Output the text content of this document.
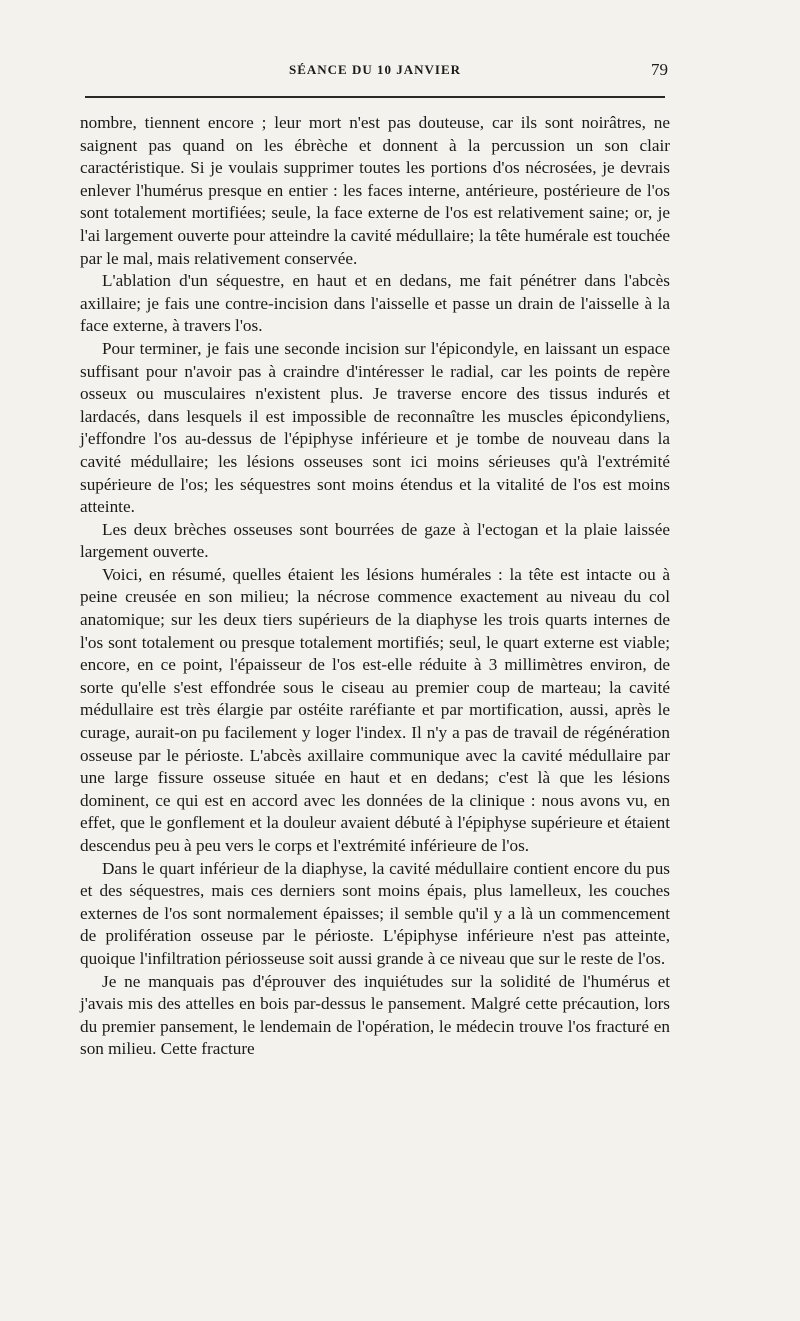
SÉANCE DU 10 JANVIER	79

nombre, tiennent encore ; leur mort n'est pas douteuse, car ils sont noirâtres, ne saignent pas quand on les ébrèche et donnent à la percussion un son clair caractéristique. Si je voulais supprimer toutes les portions d'os nécrosées, je devrais enlever l'humérus presque en entier : les faces interne, antérieure, postérieure de l'os sont totalement mortifiées; seule, la face externe de l'os est relativement saine; or, je l'ai largement ouverte pour atteindre la cavité médullaire; la tête humérale est touchée par le mal, mais relativement conservée.

L'ablation d'un séquestre, en haut et en dedans, me fait pénétrer dans l'abcès axillaire; je fais une contre-incision dans l'aisselle et passe un drain de l'aisselle à la face externe, à travers l'os.

Pour terminer, je fais une seconde incision sur l'épicondyle, en laissant un espace suffisant pour n'avoir pas à craindre d'intéresser le radial, car les points de repère osseux ou musculaires n'existent plus. Je traverse encore des tissus indurés et lardacés, dans lesquels il est impossible de reconnaître les muscles épicondyliens, j'effondre l'os au-dessus de l'épiphyse inférieure et je tombe de nouveau dans la cavité médullaire; les lésions osseuses sont ici moins sérieuses qu'à l'extrémité supérieure de l'os; les séquestres sont moins étendus et la vitalité de l'os est moins atteinte.

Les deux brèches osseuses sont bourrées de gaze à l'ectogan et la plaie laissée largement ouverte.

Voici, en résumé, quelles étaient les lésions humérales : la tête est intacte ou à peine creusée en son milieu; la nécrose commence exactement au niveau du col anatomique; sur les deux tiers supérieurs de la diaphyse les trois quarts internes de l'os sont totalement ou presque totalement mortifiés; seul, le quart externe est viable; encore, en ce point, l'épaisseur de l'os est-elle réduite à 3 millimètres environ, de sorte qu'elle s'est effondrée sous le ciseau au premier coup de marteau; la cavité médullaire est très élargie par ostéite raréfiante et par mortification, aussi, après le curage, aurait-on pu facilement y loger l'index. Il n'y a pas de travail de régénération osseuse par le périoste. L'abcès axillaire communique avec la cavité médullaire par une large fissure osseuse située en haut et en dedans; c'est là que les lésions dominent, ce qui est en accord avec les données de la clinique : nous avons vu, en effet, que le gonflement et la douleur avaient débuté à l'épiphyse supérieure et étaient descendus peu à peu vers le corps et l'extrémité inférieure de l'os.

Dans le quart inférieur de la diaphyse, la cavité médullaire contient encore du pus et des séquestres, mais ces derniers sont moins épais, plus lamelleux, les couches externes de l'os sont normalement épaisses; il semble qu'il y a là un commencement de prolifération osseuse par le périoste. L'épiphyse inférieure n'est pas atteinte, quoique l'infiltration périosseuse soit aussi grande à ce niveau que sur le reste de l'os.

Je ne manquais pas d'éprouver des inquiétudes sur la solidité de l'humérus et j'avais mis des attelles en bois par-dessus le pansement. Malgré cette précaution, lors du premier pansement, le lendemain de l'opération, le médecin trouve l'os fracturé en son milieu. Cette fracture
